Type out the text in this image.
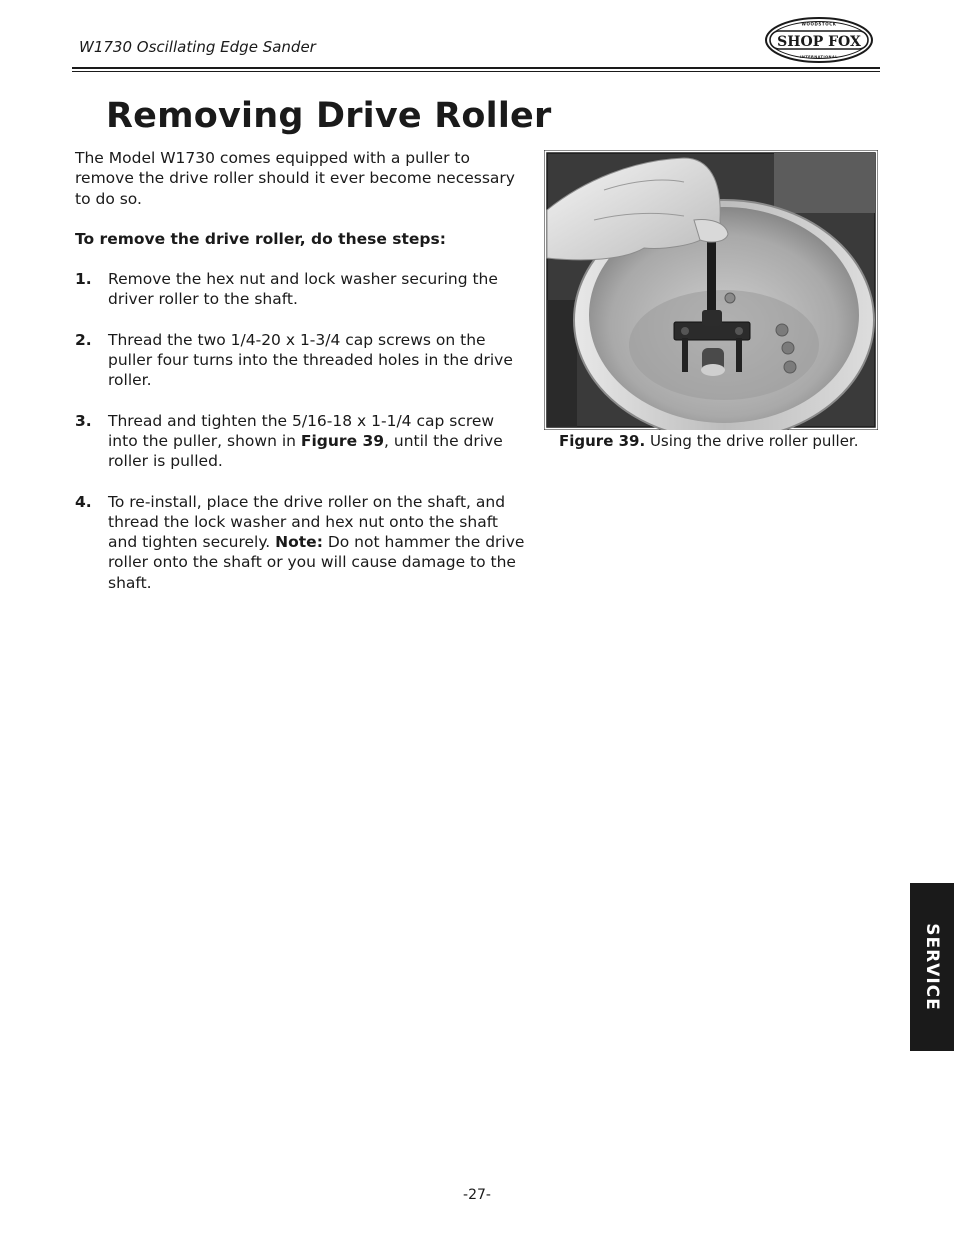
W1730 Oscillating Edge Sander
WOODSTOCK
SHOP FOX
INTERNATIONAL
Removing Drive Roller

The Model W1730 comes equipped with a puller to remove the drive roller should it ever become necessary to do so.

To remove the drive roller, do these steps:

1. Remove the hex nut and lock washer securing the driver roller to the shaft.
2. Thread the two 1/4-20 x 1-3/4 cap screws on the puller four turns into the threaded holes in the drive roller.
3. Thread and tighten the 5/16-18 x 1-1/4 cap screw into the puller, shown in Figure 39, until the drive roller is pulled.
4. To re-install, place the drive roller on the shaft, and thread the lock washer and hex nut onto the shaft and tighten securely. Note: Do not hammer the drive roller onto the shaft or you will cause damage to the shaft.
Figure 39. Using the drive roller puller.
SERVICE
-27-
